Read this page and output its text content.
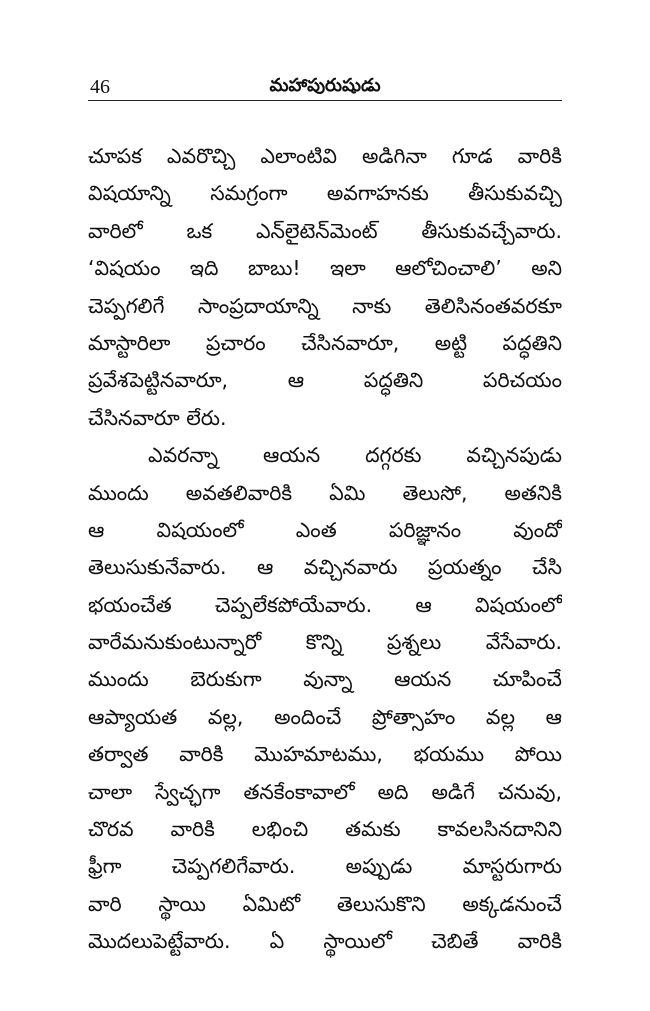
46	మహాపురుషుడు
చూపక ఎవరొచ్చి ఎలాంటివి అడిగినా గూడ వారికి
విషయాన్ని సమగ్రంగా అవగాహనకు తీసుకువచ్చి
వారిలో ఒక ఎన్‌లైటెన్‌మెంట్ తీసుకువచ్చేవారు.
‘విషయం ఇది బాబు! ఇలా ఆలోచించాలి’ అని
చెప్పగలిగే సాంప్రదాయాన్ని నాకు తెలిసినంతవరకూ
మాస్టారిలా ప్రచారం చేసినవారూ, అట్టి పద్ధతిని
ప్రవేశపెట్టినవారూ, ఆ పద్ధతిని పరిచయం
చేసినవారూ లేరు.
ఎవరన్నా ఆయన దగ్గరకు వచ్చినపుడు
ముందు అవతలివారికి ఏమి తెలుసో, అతనికి
ఆ విషయంలో ఎంత పరిజ్ఞానం వుందో
తెలుసుకునేవారు. ఆ వచ్చినవారు ప్రయత్నం చేసి
భయంచేత చెప్పలేకపోయేవారు. ఆ విషయంలో
వారేమనుకుంటున్నారో కొన్ని ప్రశ్నలు వేసేవారు.
ముందు బెరుకుగా వున్నా ఆయన చూపించే
ఆప్యాయత వల్ల, అందించే ప్రోత్సాహం వల్ల ఆ
తర్వాత వారికి మొహమాటము, భయము పోయి
చాలా స్వేచ్ఛగా తనకేంకావాలో అది అడిగే చనువు,
చొరవ వారికి లభించి తమకు కావలసినదానిని
ఫ్రీగా చెప్పగలిగేవారు. అప్పుడు మాస్టరుగారు
వారి స్థాయి ఏమిటో తెలుసుకొని అక్కడనుంచే
మొదలుపెట్టేవారు. ఏ స్థాయిలో చెబితే వారికి
